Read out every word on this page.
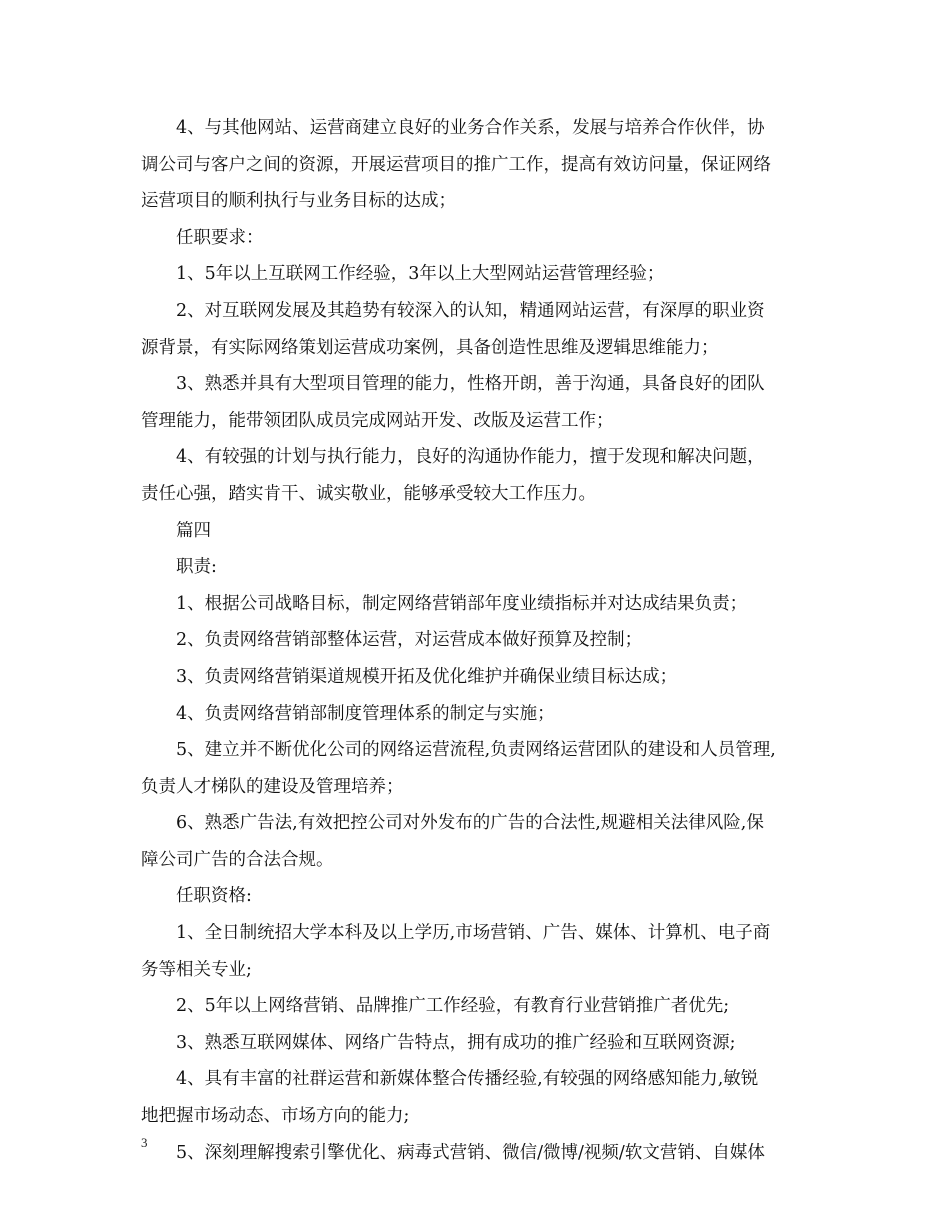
4、与其他网站、运营商建立良好的业务合作关系，发展与培养合作伙伴，协
调公司与客户之间的资源，开展运营项目的推广工作，提高有效访问量，保证网络
运营项目的顺利执行与业务目标的达成；
任职要求：
1、5年以上互联网工作经验，3年以上大型网站运营管理经验；
2、对互联网发展及其趋势有较深入的认知，精通网站运营，有深厚的职业资
源背景，有实际网络策划运营成功案例，具备创造性思维及逻辑思维能力；
3、熟悉并具有大型项目管理的能力，性格开朗，善于沟通，具备良好的团队
管理能力，能带领团队成员完成网站开发、改版及运营工作；
4、有较强的计划与执行能力，良好的沟通协作能力，擅于发现和解决问题，
责任心强，踏实肯干、诚实敬业，能够承受较大工作压力。
篇四
职责:
1、根据公司战略目标，制定网络营销部年度业绩指标并对达成结果负责；
2、负责网络营销部整体运营，对运营成本做好预算及控制；
3、负责网络营销渠道规模开拓及优化维护并确保业绩目标达成；
4、负责网络营销部制度管理体系的制定与实施；
5、建立并不断优化公司的网络运营流程,负责网络运营团队的建设和人员管理,
负责人才梯队的建设及管理培养；
6、熟悉广告法,有效把控公司对外发布的广告的合法性,规避相关法律风险,保
障公司广告的合法合规。
任职资格:
1、全日制统招大学本科及以上学历,市场营销、广告、媒体、计算机、电子商
务等相关专业;
2、5年以上网络营销、品牌推广工作经验，有教育行业营销推广者优先;
3、熟悉互联网媒体、网络广告特点，拥有成功的推广经验和互联网资源;
4、具有丰富的社群运营和新媒体整合传播经验,有较强的网络感知能力,敏锐
地把握市场动态、市场方向的能力;
5、深刻理解搜索引擎优化、病毒式营销、微信/微博/视频/软文营销、自媒体
3
